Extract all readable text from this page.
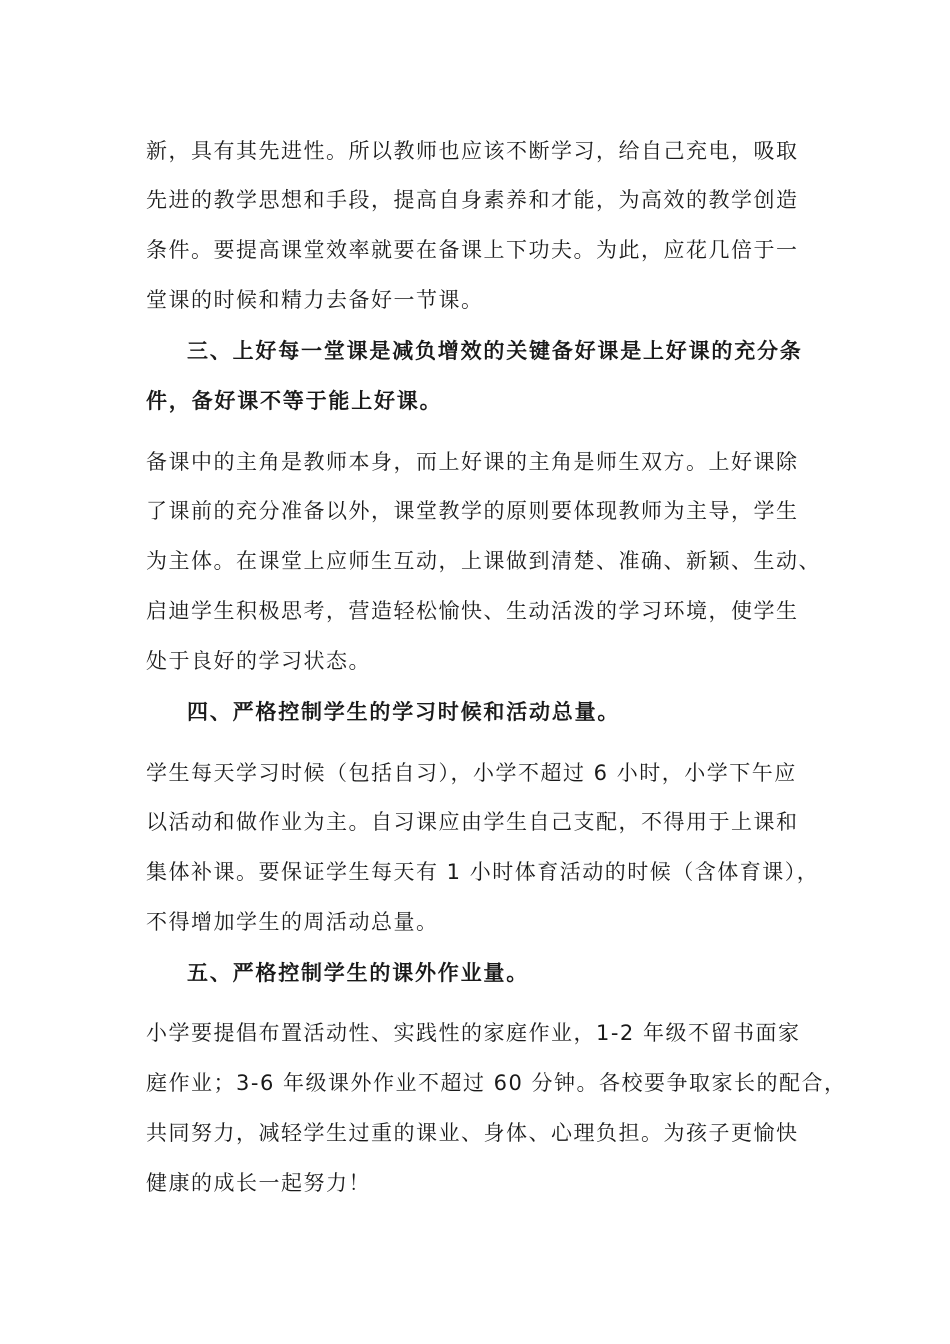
新，具有其先进性。所以教师也应该不断学习，给自己充电，吸取
先进的教学思想和手段，提高自身素养和才能，为高效的教学创造
条件。要提高课堂效率就要在备课上下功夫。为此，应花几倍于一
堂课的时候和精力去备好一节课。
三、上好每一堂课是减负增效的关键备好课是上好课的充分条
件，备好课不等于能上好课。
备课中的主角是教师本身，而上好课的主角是师生双方。上好课除
了课前的充分准备以外，课堂教学的原则要体现教师为主导，学生
为主体。在课堂上应师生互动，上课做到清楚、准确、新颖、生动、
启迪学生积极思考，营造轻松愉快、生动活泼的学习环境，使学生
处于良好的学习状态。
四、严格控制学生的学习时候和活动总量。
学生每天学习时候（包括自习），小学不超过 6 小时，小学下午应
以活动和做作业为主。自习课应由学生自己支配，不得用于上课和
集体补课。要保证学生每天有 1 小时体育活动的时候（含体育课），
不得增加学生的周活动总量。
五、严格控制学生的课外作业量。
小学要提倡布置活动性、实践性的家庭作业，1-2 年级不留书面家
庭作业；3-6 年级课外作业不超过 60 分钟。各校要争取家长的配合，
共同努力，减轻学生过重的课业、身体、心理负担。为孩子更愉快
健康的成长一起努力！
